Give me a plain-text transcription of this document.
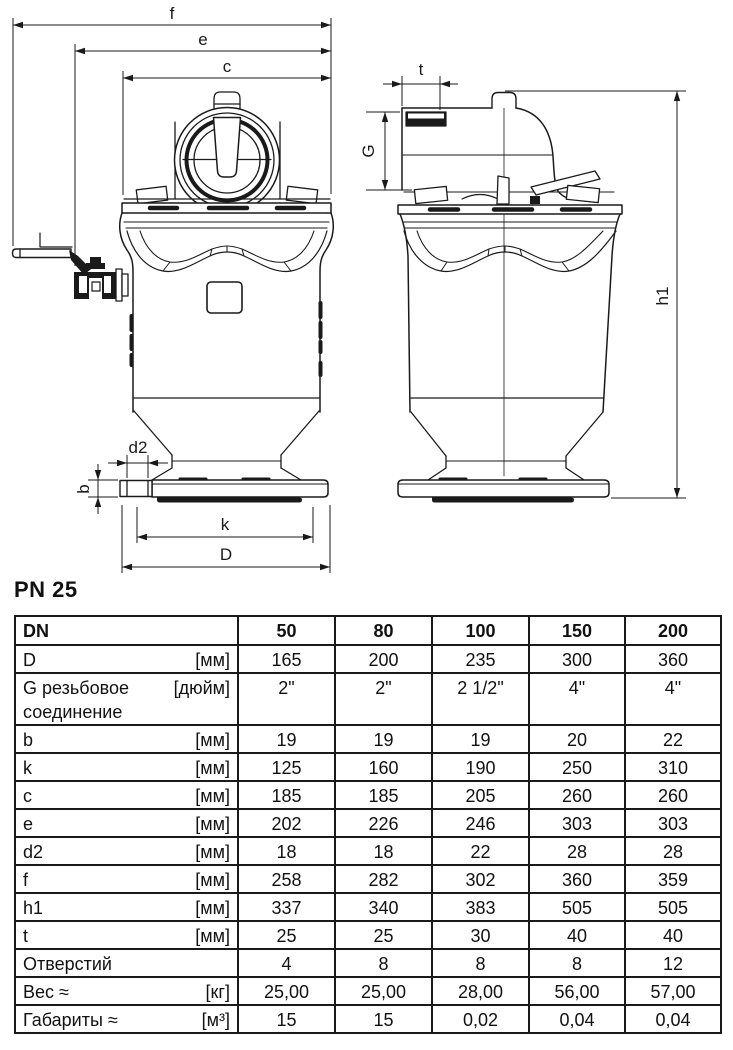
f
e
c	t
G
h1
d2
b
k
D
PN 25
DN	50	80	100	150	200

D [мм]	165	200	235	300	360

G резьбовое [дюйм]
соединение	2"	2"	2 1/2"	4"	4"

b [мм]	19	19	19	20	22

k [мм]	125	160	190	250	310

c [мм]	185	185	205	260	260

e [мм]	202	226	246	303	303

d2 [мм]	18	18	22	28	28

f [мм]	258	282	302	360	359

h1 [мм]	337	340	383	505	505

t [мм]	25	25	30	40	40

Отверстий	4	8	8	8	12

Вес ≈ [кг]	25,00	25,00	28,00	56,00	57,00

Габариты ≈ [м³]	15	15	0,02	0,04	0,04
